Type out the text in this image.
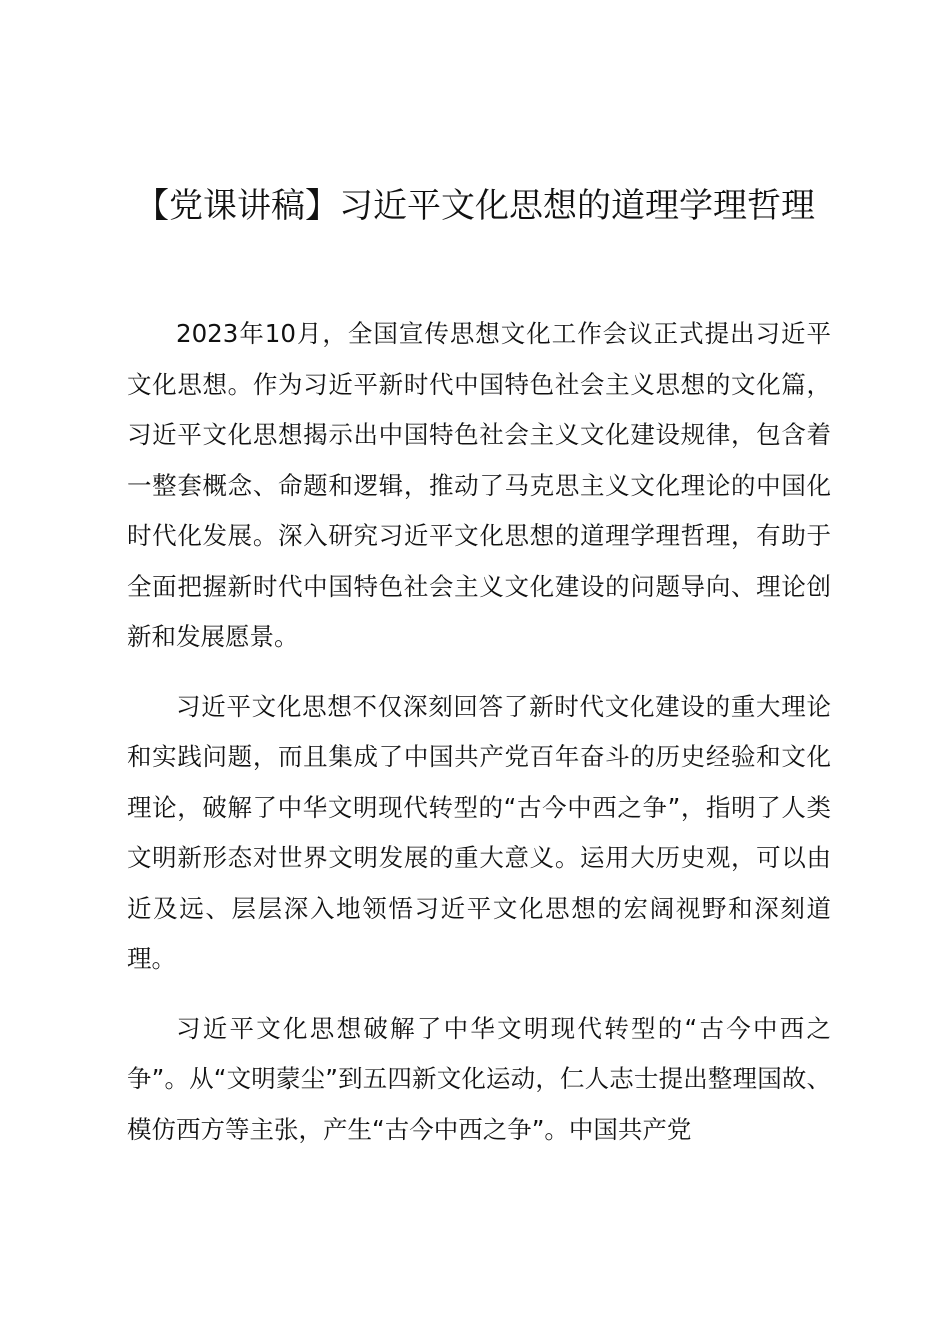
【党课讲稿】习近平文化思想的道理学理哲理

2023年10月，全国宣传思想文化工作会议正式提出习近平文化思想。作为习近平新时代中国特色社会主义思想的文化篇，习近平文化思想揭示出中国特色社会主义文化建设规律，包含着一整套概念、命题和逻辑，推动了马克思主义文化理论的中国化时代化发展。深入研究习近平文化思想的道理学理哲理，有助于全面把握新时代中国特色社会主义文化建设的问题导向、理论创新和发展愿景。

习近平文化思想不仅深刻回答了新时代文化建设的重大理论和实践问题，而且集成了中国共产党百年奋斗的历史经验和文化理论，破解了中华文明现代转型的“古今中西之争”，指明了人类文明新形态对世界文明发展的重大意义。运用大历史观，可以由近及远、层层深入地领悟习近平文化思想的宏阔视野和深刻道理。

习近平文化思想破解了中华文明现代转型的“古今中西之争”。从“文明蒙尘”到五四新文化运动，仁人志士提出整理国故、模仿西方等主张，产生“古今中西之争”。中国共产党
